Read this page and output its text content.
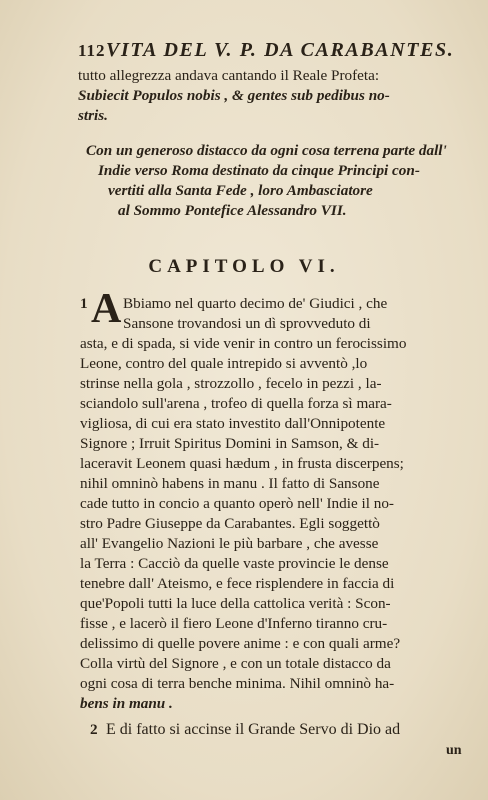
112 VITA DEL V. P. DA CARABANTES.
tutto allegrezza andava cantando il Reale Profeta:
Subiecit Populos nobis , & gentes sub pedibus no-
stris.
Con un generoso distacco da ogni cosa terrena parte dall'
Indie verso Roma destinato da cinque Principi con-
vertiti alla Santa Fede , loro Ambasciatore
al Sommo Pontefice Alessandro VII.
CAPITOLO VI.
1 A Bbiamo nel quarto decimo de' Giudici , che
Sansone trovandosi un dì sprovveduto di
asta, e di spada, si vide venir in contro un ferocissimo
Leone, contro del quale intrepido si avventò ,lo
strinse nella gola , strozzollo , fecelo in pezzi , la-
sciandolo sull'arena , trofeo di quella forza sì mara-
vigliosa, di cui era stato investito dall'Onnipotente
Signore ; Irruit Spiritus Domini in Samson, & di-
laceravit Leonem quasi hædum , in frusta discerpens;
nihil omninò habens in manu . Il fatto di Sansone
cade tutto in concio a quanto operò nell' Indie il no-
stro Padre Giuseppe da Carabantes. Egli soggettò
all' Evangelio Nazioni le più barbare , che avesse
la Terra : Cacciò da quelle vaste provincie le dense
tenebre dall' Ateismo, e fece risplendere in faccia di
que'Popoli tutti la luce della cattolica verità : Scon-
fisse , e lacerò il fiero Leone d'Inferno tiranno cru-
delissimo di quelle povere anime : e con quali arme?
Colla virtù del Signore , e con un totale distacco da
ogni cosa di terra benche minima. Nihil omninò ha-
bens in manu .
2 E di fatto si accinse il Grande Servo di Dio ad
un
